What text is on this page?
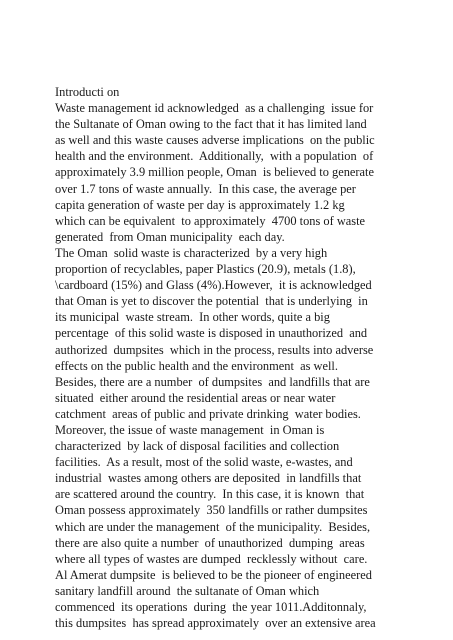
Introducti on
Waste management id acknowledged  as a challenging  issue for
the Sultanate of Oman owing to the fact that it has limited land
as well and this waste causes adverse implications  on the public
health and the environment.  Additionally,  with a population  of
approximately 3.9 million people, Oman  is believed to generate
over 1.7 tons of waste annually.  In this case, the average per
capita generation of waste per day is approximately 1.2 kg
which can be equivalent  to approximately  4700 tons of waste
generated  from Oman municipality  each day.
The Oman  solid waste is characterized  by a very high
proportion of recyclables, paper Plastics (20.9), metals (1.8),
\cardboard (15%) and Glass (4%).However,  it is acknowledged
that Oman is yet to discover the potential  that is underlying  in
its municipal  waste stream.  In other words, quite a big
percentage  of this solid waste is disposed in unauthorized  and
authorized  dumpsites  which in the process, results into adverse
effects on the public health and the environment  as well.
Besides, there are a number  of dumpsites  and landfills that are
situated  either around the residential areas or near water
catchment  areas of public and private drinking  water bodies.
Moreover, the issue of waste management  in Oman is
characterized  by lack of disposal facilities and collection
facilities.  As a result, most of the solid waste, e-wastes, and
industrial  wastes among others are deposited  in landfills that
are scattered around the country.  In this case, it is known  that
Oman possess approximately  350 landfills or rather dumpsites
which are under the management  of the municipality.  Besides,
there are also quite a number  of unauthorized  dumping  areas
where all types of wastes are dumped  recklessly without  care.
Al Amerat dumpsite  is believed to be the pioneer of engineered
sanitary landfill around  the sultanate of Oman which
commenced  its operations  during  the year 1011.Additonnaly,
this dumpsites  has spread approximately  over an extensive area
